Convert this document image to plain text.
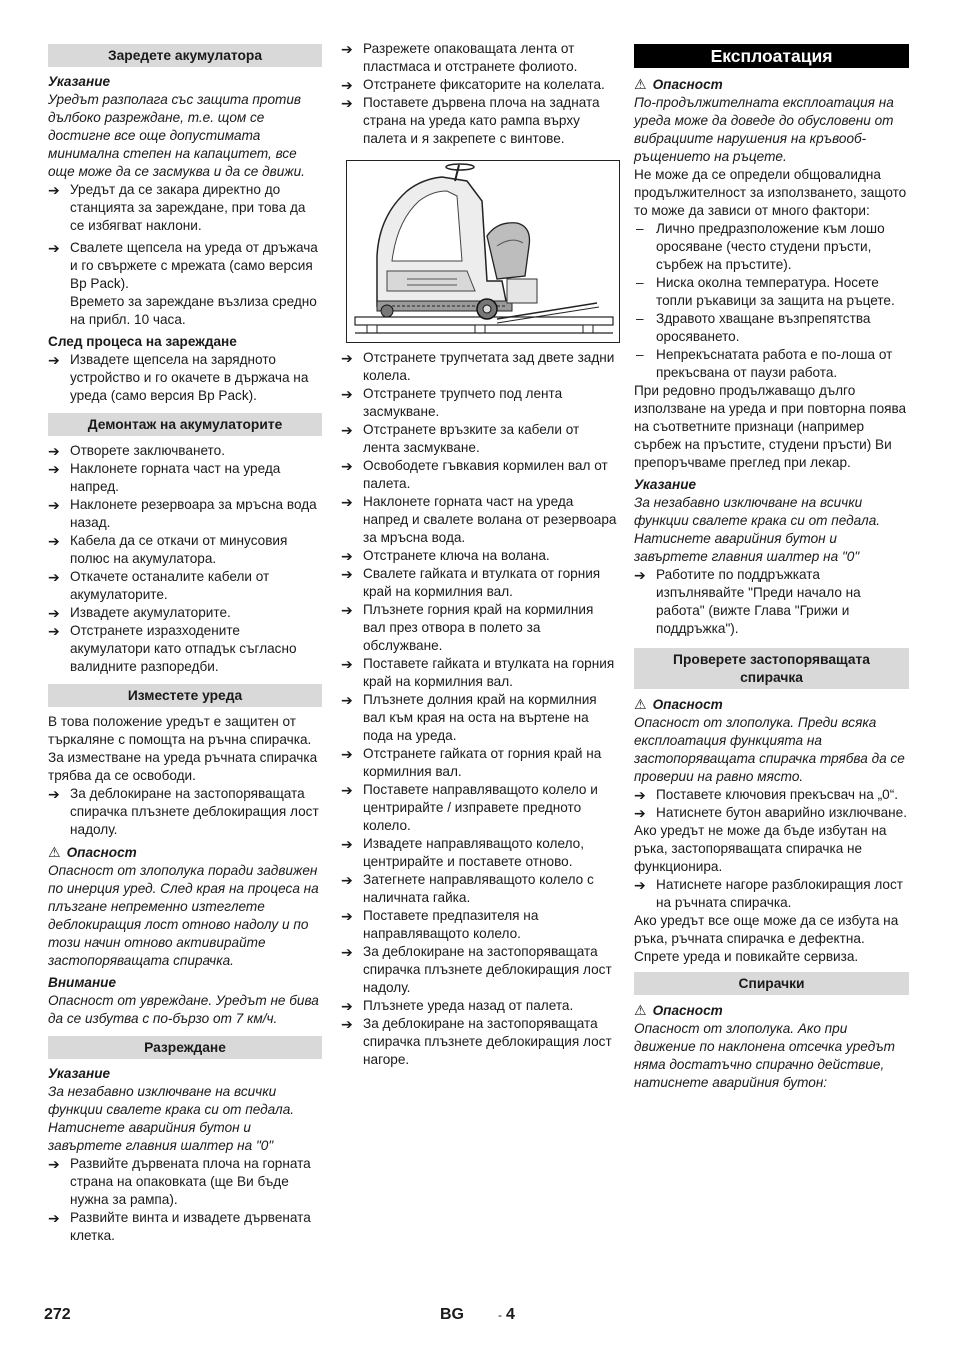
Заредете акумулатора
Указание
Уредът разполага със защита против дълбоко разреждане, т.е. щом се достигне все още допустимата минимална степен на капацитет, все още може да се засмуква и да се движи.
➔ Уредът да се закара директно до станцията за зареждане, при това да се избягват наклони.
➔ Свалете щепсела на уреда от дръжача и го свържете с мрежата (само версия Bp Pack).
Времето за зареждане възлиза средно на прибл. 10 часа.
След процеса на зареждане
➔ Извадете щепсела на зарядното устройство и го окачете в държача на уреда (само версия Bp Pack).
Демонтаж на акумулаторите
➔ Отворете заключването.
➔ Наклонете горната част на уреда напред.
➔ Наклонете резервоара за мръсна вода назад.
➔ Кабела да се откачи от минусовия полюс на акумулатора.
➔ Откачете останалите кабели от акумулаторите.
➔ Извадете акумулаторите.
➔ Отстранете изразходените акумулатори като отпадък съгласно валидните разпоредби.
Изместете уреда
В това положение уредът е защитен от търкаляне с помощта на ръчна спирачка. За изместване на уреда ръчната спирачка трябва да се освободи.
➔ За деблокиране на застопоряващата спирачка плъзнете деблокиращия лост надолу.
⚠ Опасност
Опасност от злополука поради задвижен по инерция уред. След края на процеса на плъзгане непременно изтеглете деблокиращия лост отново надолу и по този начин отново активирайте застопоряващата спирачка.
Внимание
Опасност от увреждане. Уредът не бива да се избутва с по-бързо от 7 км/ч.
Разреждане
Указание
За незабавно изключване на всички функции свалете крака си от педала. Натиснете аварийния бутон и завъртете главния шалтер на "0"
➔ Развийте дървената плоча на горната страна на опаковката (ще Ви бъде нужна за рампа).
➔ Развийте винта и извадете дървената клетка.
➔ Разрежете опаковащата лента от пластмаса и отстранете фолиото.
➔ Отстранете фиксаторите на колелата.
➔ Поставете дървена плоча на задната страна на уреда като рампа върху палета и я закрепете с винтове.
➔ Отстранете трупчетата зад двете задни колела.
➔ Отстранете трупчето под лента засмукване.
➔ Отстранете връзките за кабели от лента засмукване.
➔ Освободете гъвкавия кормилен вал от палета.
➔ Наклонете горната част на уреда напред и свалете волана от резервоара за мръсна вода.
➔ Отстранете ключа на волана.
➔ Свалете гайката и втулката от горния край на кормилния вал.
➔ Плъзнете горния край на кормилния вал през отвора в полето за обслужване.
➔ Поставете гайката и втулката на горния край на кормилния вал.
➔ Плъзнете долния край на кормилния вал към края на оста на въртене на пода на уреда.
➔ Отстранете гайката от горния край на кормилния вал.
➔ Поставете направляващото колело и центрирайте / изправете предното колело.
➔ Извадете направляващото колело, центрирайте и поставете отново.
➔ Затегнете направляващото колело с наличната гайка.
➔ Поставете предпазителя на направляващото колело.
➔ За деблокиране на застопоряващата спирачка плъзнете деблокиращия лост надолу.
➔ Плъзнете уреда назад от палета.
➔ За деблокиране на застопоряващата спирачка плъзнете деблокиращия лост нагоре.
Експлоатация
⚠ Опасност
По-продължителната експлоатация на уреда може да доведе до обусловени от вибрациите нарушения на кръвооб-ръщението на ръцете.
Не може да се определи общовалидна продължителност за използването, защото то може да зависи от много фактори:
– Лично предразположение към лошо оросяване (често студени пръсти, сърбеж на пръстите).
– Ниска околна температура. Носете топли ръкавици за защита на ръцете.
– Здравото хващане възпрепятства оросяването.
– Непрекъснатата работа е по-лоша от прекъсвана от паузи работа.
При редовно продължаващо дълго използване на уреда и при повторна поява на съответните признаци (например сърбеж на пръстите, студени пръсти) Ви препоръчваме преглед при лекар.
Указание
За незабавно изключване на всички функции свалете крака си от педала. Натиснете аварийния бутон и завъртете главния шалтер на "0"
➔ Работите по поддръжката изпълнявайте "Преди начало на работа" (вижте Глава "Грижи и поддръжка").
Проверете застопоряващата спирачка
⚠ Опасност
Опасност от злополука. Преди всяка експлоатация функцията на застопоряващата спирачка трябва да се проверии на равно място.
➔ Поставете ключовия прекъсвач на „0“.
➔ Натиснете бутон аварийно изключване.
Ако уредът не може да бъде избутан на ръка, застопоряващата спирачка не функционира.
➔ Натиснете нагоре разблокиращия лост на ръчната спирачка.
Ако уредът все още може да се избута на ръка, ръчната спирачка е дефектна. Спрете уреда и повикайте сервиза.
Спирачки
⚠ Опасност
Опасност от злополука. Ако при движение по наклонена отсечка уредът няма достатъчно спирачно действие, натиснете аварийния бутон:
272	BG	- 4
